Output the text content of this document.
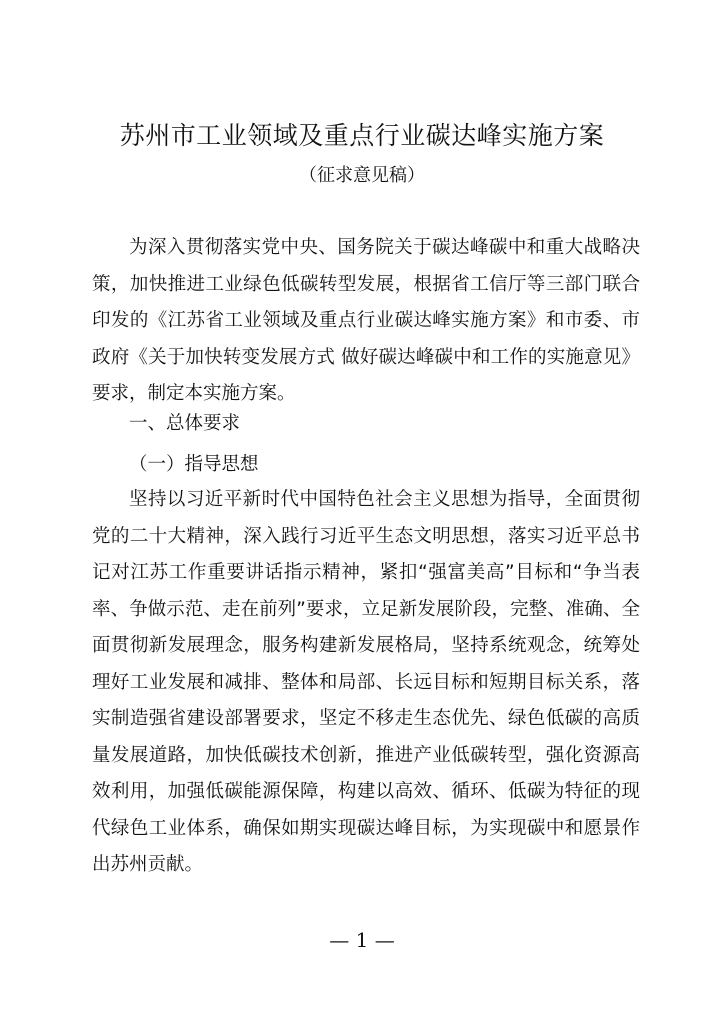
苏州市工业领域及重点行业碳达峰实施方案
（征求意见稿）

为深入贯彻落实党中央、国务院关于碳达峰碳中和重大战略决策，加快推进工业绿色低碳转型发展，根据省工信厅等三部门联合印发的《江苏省工业领域及重点行业碳达峰实施方案》和市委、市政府《关于加快转变发展方式 做好碳达峰碳中和工作的实施意见》要求，制定本实施方案。

一、总体要求
（一）指导思想

坚持以习近平新时代中国特色社会主义思想为指导，全面贯彻党的二十大精神，深入践行习近平生态文明思想，落实习近平总书记对江苏工作重要讲话指示精神，紧扣“强富美高”目标和“争当表率、争做示范、走在前列”要求，立足新发展阶段，完整、准确、全面贯彻新发展理念，服务构建新发展格局，坚持系统观念，统筹处理好工业发展和减排、整体和局部、长远目标和短期目标关系，落实制造强省建设部署要求，坚定不移走生态优先、绿色低碳的高质量发展道路，加快低碳技术创新，推进产业低碳转型，强化资源高效利用，加强低碳能源保障，构建以高效、循环、低碳为特征的现代绿色工业体系，确保如期实现碳达峰目标，为实现碳中和愿景作出苏州贡献。

— 1 —
